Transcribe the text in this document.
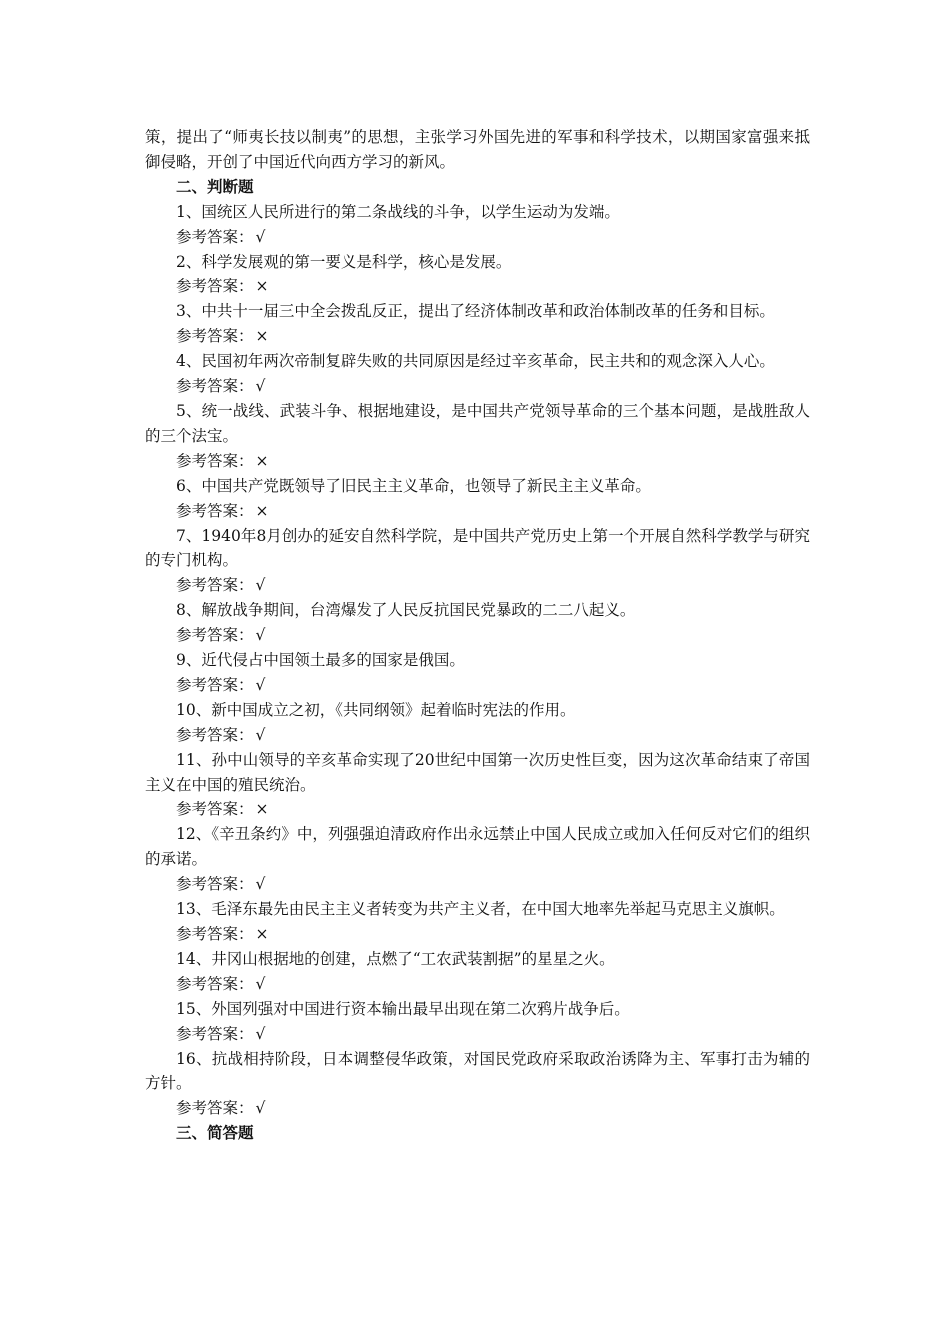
策，提出了“师夷长技以制夷”的思想，主张学习外国先进的军事和科学技术，以期国家富强来抵御侵略，开创了中国近代向西方学习的新风。

二、判断题

1、国统区人民所进行的第二条战线的斗争，以学生运动为发端。

参考答案： √

2、科学发展观的第一要义是科学，核心是发展。

参考答案： ×

3、中共十一届三中全会拨乱反正，提出了经济体制改革和政治体制改革的任务和目标。

参考答案： ×

4、民国初年两次帝制复辟失败的共同原因是经过辛亥革命，民主共和的观念深入人心。

参考答案： √

5、统一战线、武装斗争、根据地建设，是中国共产党领导革命的三个基本问题，是战胜敌人的三个法宝。

参考答案： ×

6、中国共产党既领导了旧民主主义革命，也领导了新民主主义革命。

参考答案： ×

7、1940年8月创办的延安自然科学院，是中国共产党历史上第一个开展自然科学教学与研究的专门机构。

参考答案： √

8、解放战争期间，台湾爆发了人民反抗国民党暴政的二二八起义。

参考答案： √

9、近代侵占中国领土最多的国家是俄国。

参考答案： √

10、新中国成立之初，《共同纲领》起着临时宪法的作用。

参考答案： √

11、孙中山领导的辛亥革命实现了20世纪中国第一次历史性巨变，因为这次革命结束了帝国主义在中国的殖民统治。

参考答案： ×

12、《辛丑条约》中，列强强迫清政府作出永远禁止中国人民成立或加入任何反对它们的组织的承诺。

参考答案： √

13、毛泽东最先由民主主义者转变为共产主义者，在中国大地率先举起马克思主义旗帜。

参考答案： ×

14、井冈山根据地的创建，点燃了“工农武装割据”的星星之火。

参考答案： √

15、外国列强对中国进行资本输出最早出现在第二次鸦片战争后。

参考答案： √

16、抗战相持阶段，日本调整侵华政策，对国民党政府采取政治诱降为主、军事打击为辅的方针。

参考答案： √

三、简答题
